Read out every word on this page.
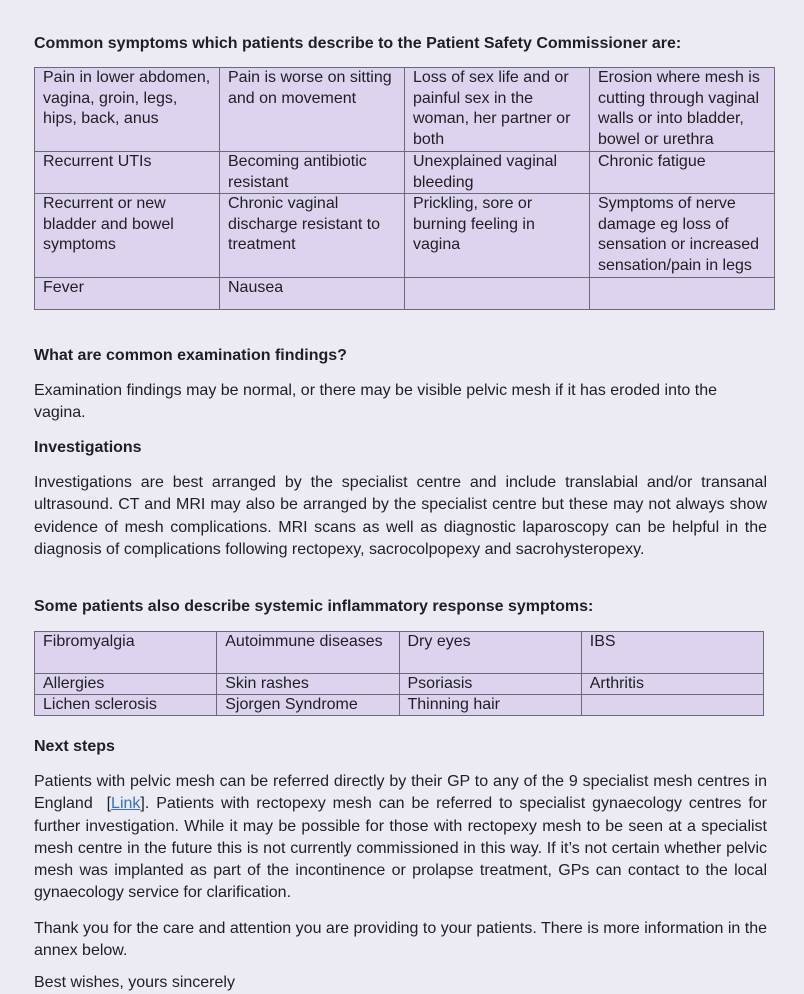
Common symptoms which patients describe to the Patient Safety Commissioner are:
Pain in lower abdomen, vagina, groin, legs, hips, back, anus	Pain is worse on sitting and on movement	Loss of sex life and or painful sex in the woman, her partner or both	Erosion where mesh is cutting through vaginal walls or into bladder, bowel or urethra
Recurrent UTIs	Becoming antibiotic resistant	Unexplained vaginal bleeding	Chronic fatigue
Recurrent or new bladder and bowel symptoms	Chronic vaginal discharge resistant to treatment	Prickling, sore or burning feeling in vagina	Symptoms of nerve damage eg loss of sensation or increased sensation/pain in legs
Fever	Nausea		
What are common examination findings?

Examination findings may be normal, or there may be visible pelvic mesh if it has eroded into the vagina.

Investigations

Investigations are best arranged by the specialist centre and include translabial and/or transanal ultrasound. CT and MRI may also be arranged by the specialist centre but these may not always show evidence of mesh complications. MRI scans as well as diagnostic laparoscopy can be helpful in the diagnosis of complications following rectopexy, sacrocolpopexy and sacrohysteropexy.

Some patients also describe systemic inflammatory response symptoms:
Fibromyalgia	Autoimmune diseases	Dry eyes	IBS
Allergies	Skin rashes	Psoriasis	Arthritis
Lichen sclerosis	Sjorgen Syndrome	Thinning hair	
Next steps

Patients with pelvic mesh can be referred directly by their GP to any of the 9 specialist mesh centres in England  [Link]. Patients with rectopexy mesh can be referred to specialist gynaecology centres for further investigation. While it may be possible for those with rectopexy mesh to be seen at a specialist mesh centre in the future this is not currently commissioned in this way. If it’s not certain whether pelvic mesh was implanted as part of the incontinence or prolapse treatment, GPs can contact to the local gynaecology service for clarification.

Thank you for the care and attention you are providing to your patients. There is more information in the annex below.

Best wishes, yours sincerely
